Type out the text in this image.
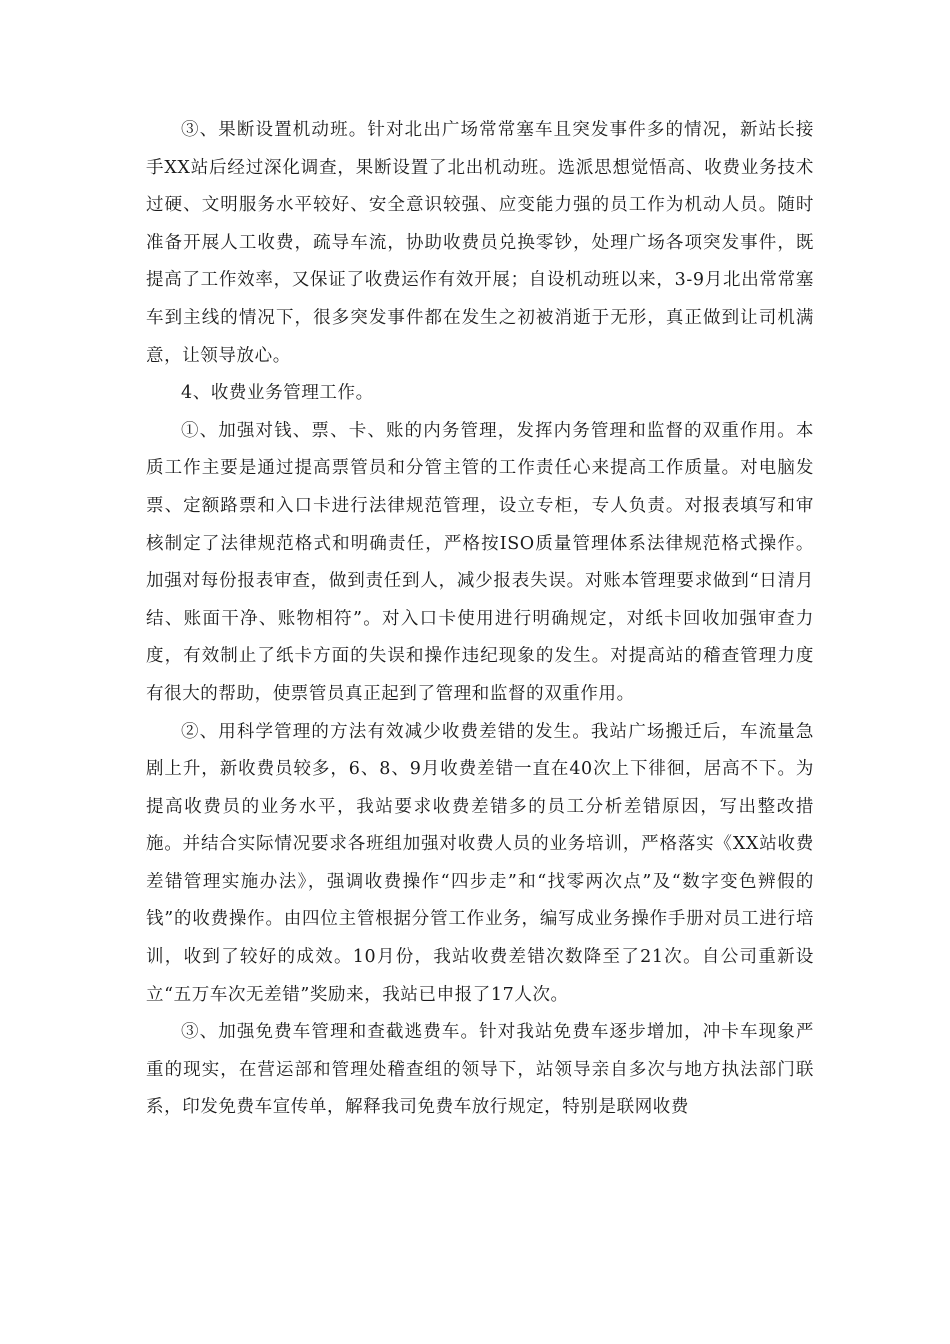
③、果断设置机动班。针对北出广场常常塞车且突发事件多的情况，新站长接手XX站后经过深化调查，果断设置了北出机动班。选派思想觉悟高、收费业务技术过硬、文明服务水平较好、安全意识较强、应变能力强的员工作为机动人员。随时准备开展人工收费，疏导车流，协助收费员兑换零钞，处理广场各项突发事件，既提高了工作效率，又保证了收费运作有效开展；自设机动班以来，3-9月北出常常塞车到主线的情况下，很多突发事件都在发生之初被消逝于无形，真正做到让司机满意，让领导放心。

4、收费业务管理工作。

①、加强对钱、票、卡、账的内务管理，发挥内务管理和监督的双重作用。本质工作主要是通过提高票管员和分管主管的工作责任心来提高工作质量。对电脑发票、定额路票和入口卡进行法律规范管理，设立专柜，专人负责。对报表填写和审核制定了法律规范格式和明确责任，严格按ISO质量管理体系法律规范格式操作。加强对每份报表审查，做到责任到人，减少报表失误。对账本管理要求做到“日清月结、账面干净、账物相符”。对入口卡使用进行明确规定，对纸卡回收加强审查力度，有效制止了纸卡方面的失误和操作违纪现象的发生。对提高站的稽查管理力度有很大的帮助，使票管员真正起到了管理和监督的双重作用。

②、用科学管理的方法有效减少收费差错的发生。我站广场搬迁后，车流量急剧上升，新收费员较多，6、8、9月收费差错一直在40次上下徘徊，居高不下。为提高收费员的业务水平，我站要求收费差错多的员工分析差错原因，写出整改措施。并结合实际情况要求各班组加强对收费人员的业务培训，严格落实《XX站收费差错管理实施办法》，强调收费操作“四步走”和“找零两次点”及“数字变色辨假的钱”的收费操作。由四位主管根据分管工作业务，编写成业务操作手册对员工进行培训，收到了较好的成效。10月份，我站收费差错次数降至了21次。自公司重新设立“五万车次无差错”奖励来，我站已申报了17人次。

③、加强免费车管理和查截逃费车。针对我站免费车逐步增加，冲卡车现象严重的现实，在营运部和管理处稽查组的领导下，站领导亲自多次与地方执法部门联系，印发免费车宣传单，解释我司免费车放行规定，特别是联网收费
